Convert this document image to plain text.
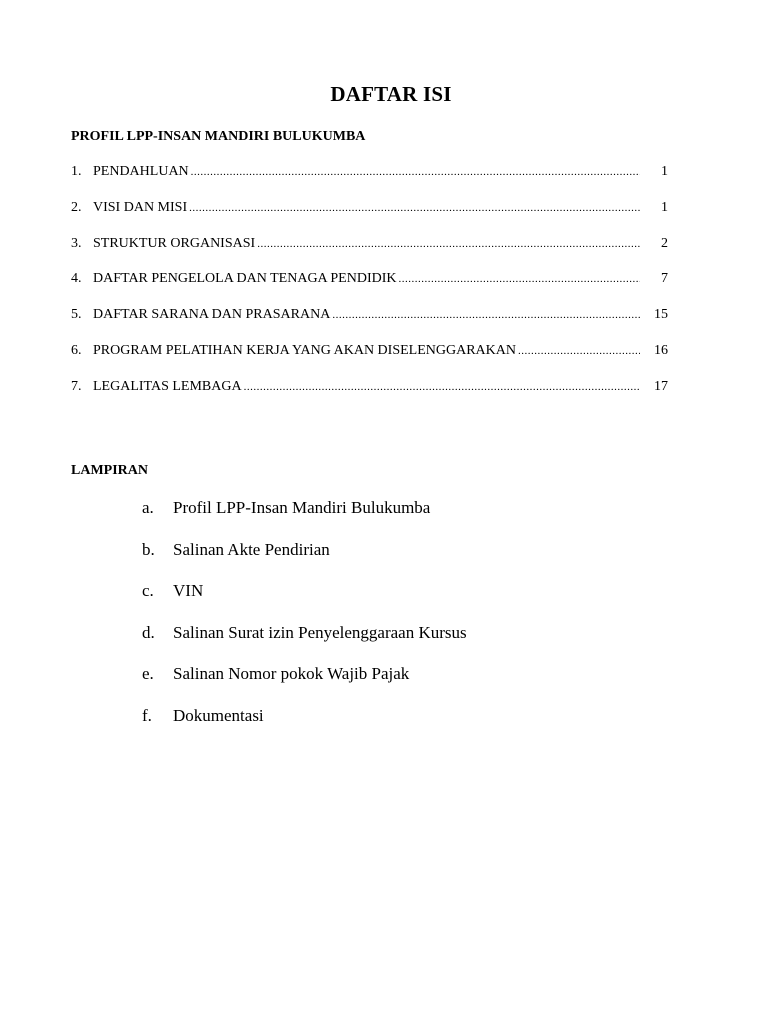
DAFTAR ISI
PROFIL LPP-INSAN MANDIRI BULUKUMBA
1. PENDAHLUAN .....	1
2. VISI DAN MISI .....	1
3. STRUKTUR ORGANISASI .....	2
4. DAFTAR PENGELOLA DAN TENAGA PENDIDIK .....	7
5. DAFTAR SARANA DAN PRASARANA .....	15
6. PROGRAM PELATIHAN KERJA YANG AKAN DISELENGGARAKAN .....	16
7. LEGALITAS LEMBAGA .....	17
LAMPIRAN
a.	Profil LPP-Insan Mandiri Bulukumba
b.	Salinan Akte Pendirian
c.	VIN
d.	Salinan Surat izin Penyelenggaraan Kursus
e.	Salinan Nomor pokok Wajib Pajak
f.	Dokumentasi
